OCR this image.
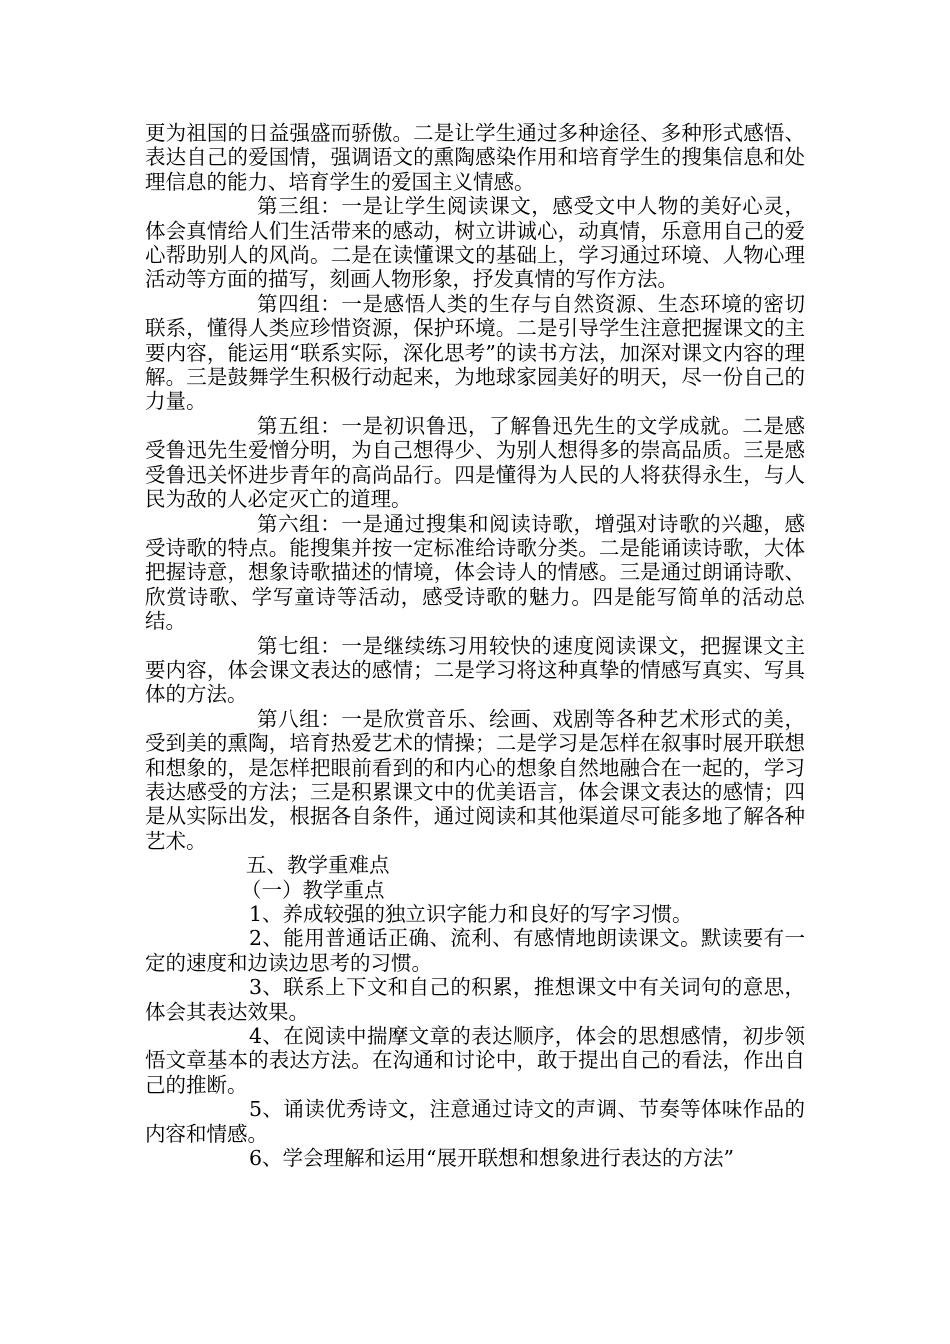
更为祖国的日益强盛而骄傲。二是让学生通过多种途径、多种形式感悟、表达自己的爱国情，强调语文的熏陶感染作用和培育学生的搜集信息和处理信息的能力、培育学生的爱国主义情感。

第三组：一是让学生阅读课文，感受文中人物的美好心灵，体会真情给人们生活带来的感动，树立讲诚心，动真情，乐意用自己的爱心帮助别人的风尚。二是在读懂课文的基础上，学习通过环境、人物心理活动等方面的描写，刻画人物形象，抒发真情的写作方法。

第四组：一是感悟人类的生存与自然资源、生态环境的密切联系，懂得人类应珍惜资源，保护环境。二是引导学生注意把握课文的主要内容，能运用“联系实际，深化思考”的读书方法，加深对课文内容的理解。三是鼓舞学生积极行动起来，为地球家园美好的明天，尽一份自己的力量。

第五组：一是初识鲁迅，了解鲁迅先生的文学成就。二是感受鲁迅先生爱憎分明，为自己想得少、为别人想得多的崇高品质。三是感受鲁迅关怀进步青年的高尚品行。四是懂得为人民的人将获得永生，与人民为敌的人必定灭亡的道理。

第六组：一是通过搜集和阅读诗歌，增强对诗歌的兴趣，感受诗歌的特点。能搜集并按一定标准给诗歌分类。二是能诵读诗歌，大体把握诗意，想象诗歌描述的情境，体会诗人的情感。三是通过朗诵诗歌、欣赏诗歌、学写童诗等活动，感受诗歌的魅力。四是能写简单的活动总结。

第七组：一是继续练习用较快的速度阅读课文，把握课文主要内容，体会课文表达的感情；二是学习将这种真挚的情感写真实、写具体的方法。

第八组：一是欣赏音乐、绘画、戏剧等各种艺术形式的美，受到美的熏陶，培育热爱艺术的情操；二是学习是怎样在叙事时展开联想和想象的，是怎样把眼前看到的和内心的想象自然地融合在一起的，学习表达感受的方法；三是积累课文中的优美语言，体会课文表达的感情；四是从实际出发，根据各自条件，通过阅读和其他渠道尽可能多地了解各种艺术。

五、教学重难点

（一）教学重点

1、养成较强的独立识字能力和良好的写字习惯。

2、能用普通话正确、流利、有感情地朗读课文。默读要有一定的速度和边读边思考的习惯。

3、联系上下文和自己的积累，推想课文中有关词句的意思，体会其表达效果。

4、在阅读中揣摩文章的表达顺序，体会的思想感情，初步领悟文章基本的表达方法。在沟通和讨论中，敢于提出自己的看法，作出自己的推断。

5、诵读优秀诗文，注意通过诗文的声调、节奏等体味作品的内容和情感。

6、学会理解和运用“展开联想和想象进行表达的方法”
